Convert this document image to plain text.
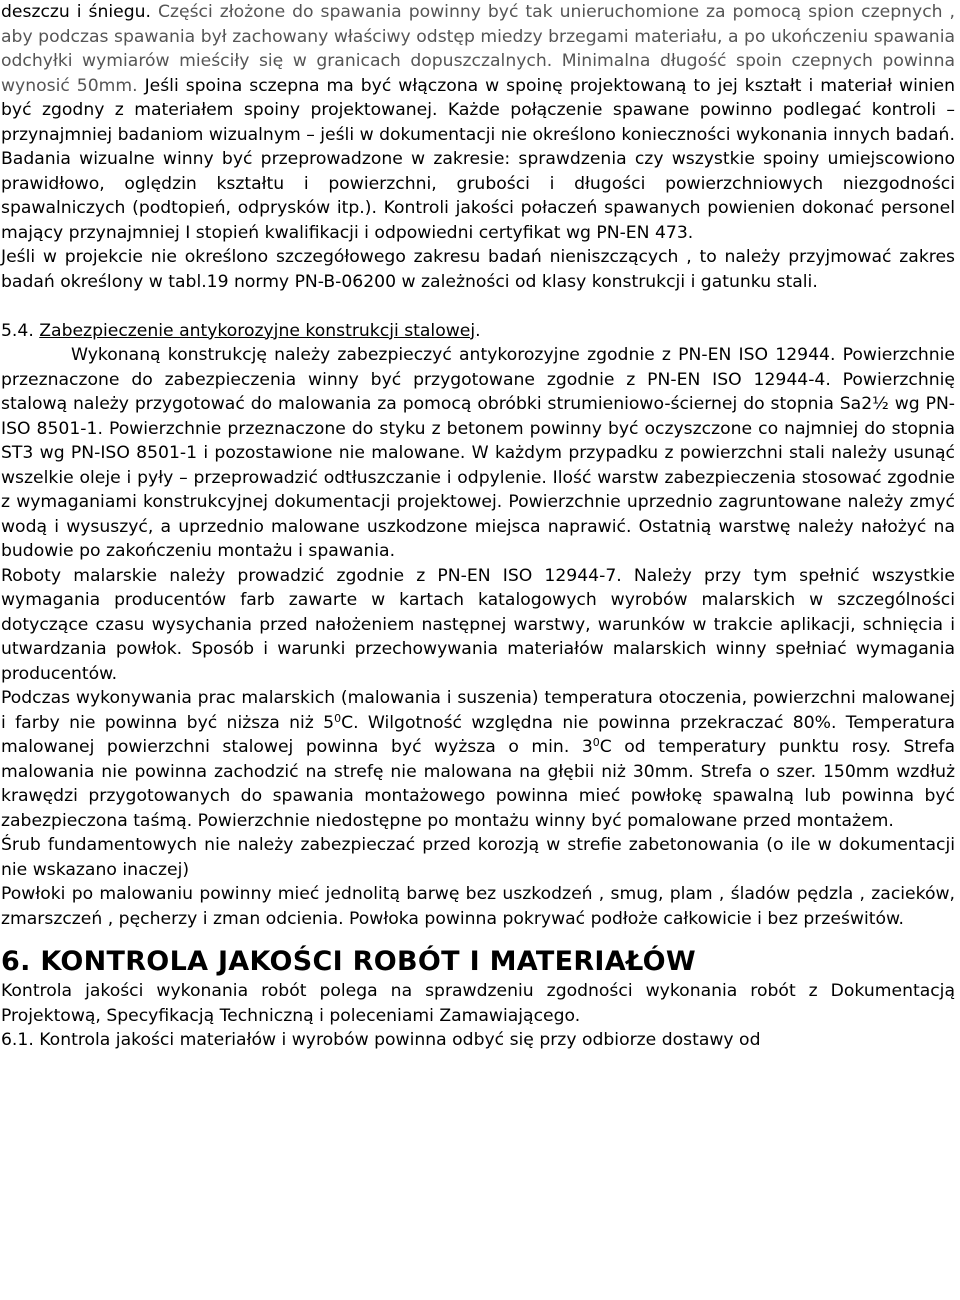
deszczu i śniegu. Części złożone do spawania powinny być tak unieruchomione za pomocą spion czepnych , aby podczas spawania był zachowany właściwy odstęp miedzy brzegami materiału, a po ukończeniu spawania odchyłki wymiarów mieściły się w granicach dopuszczalnych. Minimalna długość spoin czepnych powinna wynosić 50mm. Jeśli spoina sczepna ma być włączona w spoinę projektowaną to jej kształt i materiał winien być zgodny z materiałem spoiny projektowanej. Każde połączenie spawane powinno podlegać kontroli – przynajmniej badaniom wizualnym – jeśli w dokumentacji nie określono konieczności wykonania innych badań.

Badania wizualne winny być przeprowadzone w zakresie: sprawdzenia czy wszystkie spoiny umiejscowiono prawidłowo, oględzin kształtu i powierzchni, grubości i długości powierzchniowych niezgodności spawalniczych (podtopień, odprysków itp.). Kontroli jakości połaczeń spawanych powienien dokonać personel mający przynajmniej I stopień kwalifikacji i odpowiedni certyfikat wg PN-EN 473.

Jeśli w projekcie nie określono szczegółowego zakresu badań nieniszczących , to należy przyjmować zakres badań określony w tabl.19 normy PN-B-06200 w zależności od klasy konstrukcji i gatunku stali.

5.4. Zabezpieczenie antykorozyjne konstrukcji stalowej.

Wykonaną konstrukcję należy zabezpieczyć antykorozyjne zgodnie z PN-EN ISO 12944. Powierzchnie przeznaczone do zabezpieczenia winny być przygotowane zgodnie z PN-EN ISO 12944-4. Powierzchnię stalową należy przygotować do malowania za pomocą obróbki strumieniowo-ściernej do stopnia Sa2½ wg PN-ISO 8501-1. Powierzchnie przeznaczone do styku z betonem powinny być oczyszczone co najmniej do stopnia ST3 wg PN-ISO 8501-1 i pozostawione nie malowane. W każdym przypadku z powierzchni stali należy usunąć wszelkie oleje i pyły – przeprowadzić odtłuszczanie i odpylenie. Ilość warstw zabezpieczenia stosować zgodnie z wymaganiami konstrukcyjnej dokumentacji projektowej. Powierzchnie uprzednio zagruntowane należy zmyć wodą i wysuszyć, a uprzednio malowane uszkodzone miejsca naprawić. Ostatnią warstwę należy nałożyć na budowie po zakończeniu montażu i spawania.

Roboty malarskie należy prowadzić zgodnie z PN-EN ISO 12944-7. Należy przy tym spełnić wszystkie wymagania producentów farb zawarte w kartach katalogowych wyrobów malarskich w szczególności dotyczące czasu wysychania przed nałożeniem następnej warstwy, warunków w trakcie aplikacji, schnięcia i utwardzania powłok. Sposób i warunki przechowywania materiałów malarskich winny spełniać wymagania producentów.

Podczas wykonywania prac malarskich (malowania i suszenia) temperatura otoczenia, powierzchni malowanej i farby nie powinna być niższa niż $5^0C$. Wilgotność względna nie powinna przekraczać 80%. Temperatura malowanej powierzchni stalowej powinna być wyższa o min. $3^0C$ od temperatury punktu rosy. Strefa malowania nie powinna zachodzić na strefę nie malowana na głębiі niż 30mm. Strefa o szer. 150mm wzdłuż krawędzi przygotowanych do spawania montażowego powinna mieć powłokę spawalną lub powinna być zabezpieczona taśmą. Powierzchnie niedostępne po montażu winny być pomalowane przed montażem.

Śrub fundamentowych nie należy zabezpieczać przed korozją w strefie zabetonowania (o ile w dokumentacji nie wskazano inaczej)

Powłoki po malowaniu powinny mieć jednolitą barwę bez uszkodzeń , smug, plam , śladów pędzla , zacieków, zmarszczeń , pęcherzy i zman odcienia. Powłoka powinna pokrywać podłoże całkowicie i bez prześwitów.

6. KONTROLA JAKOŚCI ROBÓT I MATERIAŁÓW

Kontrola jakości wykonania robót polega na sprawdzeniu zgodności wykonania robót z Dokumentacją Projektową, Specyfikacją Techniczną i poleceniami Zamawiającego.

6.1. Kontrola jakości materiałów i wyrobów powinna odbyć się przy odbiorze dostawy od
